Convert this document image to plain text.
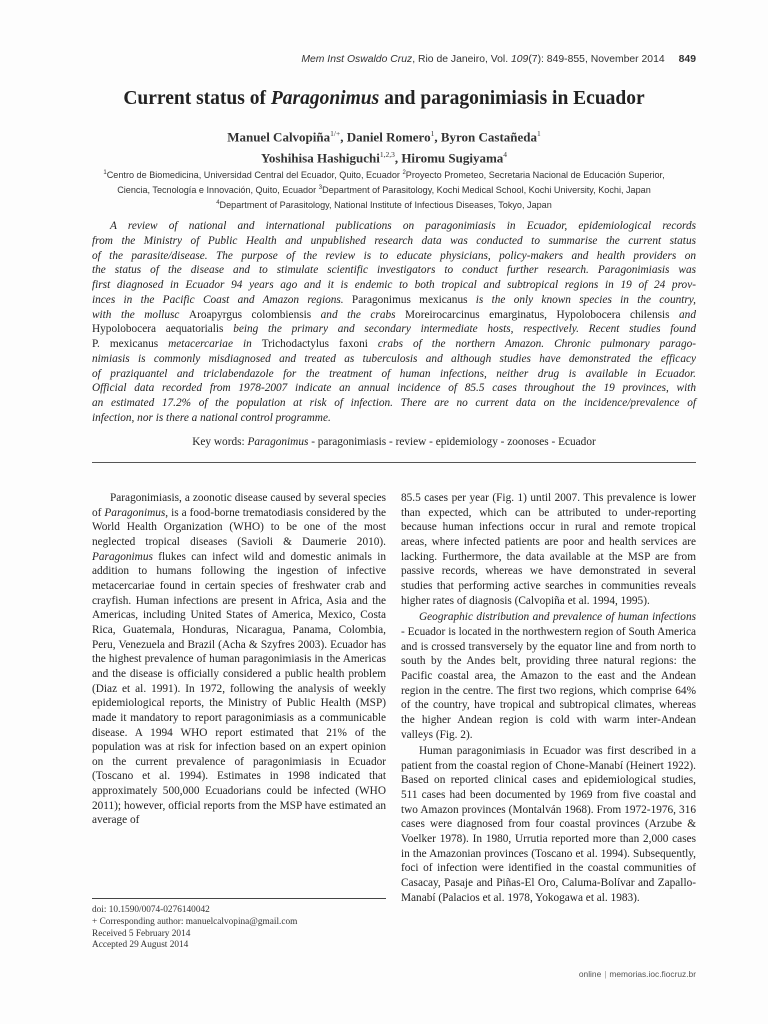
Mem Inst Oswaldo Cruz, Rio de Janeiro, Vol. 109(7): 849-855, November 2014 849
Current status of Paragonimus and paragonimiasis in Ecuador
Manuel Calvopiña$^{1/+}$, Daniel Romero$^1$, Byron Castañeda$^1$
Yoshihisa Hashiguchi$^{1,2,3}$, Hiromu Sugiyama$^4$
$^1$Centro de Biomedicina, Universidad Central del Ecuador, Quito, Ecuador $^2$Proyecto Prometeo, Secretaria Nacional de Educación Superior,
Ciencia, Tecnología e Innovación, Quito, Ecuador $^3$Department of Parasitology, Kochi Medical School, Kochi University, Kochi, Japan
$^4$Department of Parasitology, National Institute of Infectious Diseases, Tokyo, Japan
A review of national and international publications on paragonimiasis in Ecuador, epidemiological records
from the Ministry of Public Health and unpublished research data was conducted to summarise the current status
of the parasite/disease. The purpose of the review is to educate physicians, policy-makers and health providers on
the status of the disease and to stimulate scientific investigators to conduct further research. Paragonimiasis was
first diagnosed in Ecuador 94 years ago and it is endemic to both tropical and subtropical regions in 19 of 24 prov-
inces in the Pacific Coast and Amazon regions. Paragonimus mexicanus is the only known species in the country,
with the mollusc Aroapyrgus colombiensis and the crabs Moreirocarcinus emarginatus, Hypolobocera chilensis and
Hypolobocera aequatorialis being the primary and secondary intermediate hosts, respectively. Recent studies found
P. mexicanus metacercariae in Trichodactylus faxoni crabs of the northern Amazon. Chronic pulmonary parago-
nimiasis is commonly misdiagnosed and treated as tuberculosis and although studies have demonstrated the efficacy
of praziquantel and triclabendazole for the treatment of human infections, neither drug is available in Ecuador.
Official data recorded from 1978-2007 indicate an annual incidence of 85.5 cases throughout the 19 provinces, with
an estimated 17.2% of the population at risk of infection. There are no current data on the incidence/prevalence of
infection, nor is there a national control programme.
Key words: Paragonimus - paragonimiasis - review - epidemiology - zoonoses - Ecuador

Paragonimiasis, a zoonotic disease caused by several species of Paragonimus, is a food-borne trematodiasis considered by the World Health Organization (WHO) to be one of the most neglected tropical diseases (Savioli & Daumerie 2010). Paragonimus flukes can infect wild and domestic animals in addition to humans following the ingestion of infective metacercariae found in certain species of freshwater crab and crayfish. Human infections are present in Africa, Asia and the Americas, including United States of America, Mexico, Costa Rica, Guatemala, Honduras, Nicaragua, Panama, Colombia, Peru, Venezuela and Brazil (Acha & Szyfres 2003). Ecuador has the highest prevalence of human paragonimiasis in the Americas and the disease is officially considered a public health problem (Diaz et al. 1991). In 1972, following the analysis of weekly epidemiological reports, the Ministry of Public Health (MSP) made it mandatory to report paragonimiasis as a communicable disease. A 1994 WHO report estimated that 21% of the population was at risk for infection based on an expert opinion on the current prevalence of paragonimiasis in Ecuador (Toscano et al. 1994). Estimates in 1998 indicated that approximately 500,000 Ecuadorians could be infected (WHO 2011); however, official reports from the MSP have estimated an average of

85.5 cases per year (Fig. 1) until 2007. This prevalence is lower than expected, which can be attributed to under-reporting because human infections occur in rural and remote tropical areas, where infected patients are poor and health services are lacking. Furthermore, the data available at the MSP are from passive records, whereas we have demonstrated in several studies that performing active searches in communities reveals higher rates of diagnosis (Calvopiña et al. 1994, 1995).

Geographic distribution and prevalence of human infections - Ecuador is located in the northwestern region of South America and is crossed transversely by the equator line and from north to south by the Andes belt, providing three natural regions: the Pacific coastal area, the Amazon to the east and the Andean region in the centre. The first two regions, which comprise 64% of the country, have tropical and subtropical climates, whereas the higher Andean region is cold with warm inter-Andean valleys (Fig. 2).

Human paragonimiasis in Ecuador was first described in a patient from the coastal region of Chone-Manabí (Heinert 1922). Based on reported clinical cases and epidemiological studies, 511 cases had been documented by 1969 from five coastal and two Amazon provinces (Montalván 1968). From 1972-1976, 316 cases were diagnosed from four coastal provinces (Arzube & Voelker 1978). In 1980, Urrutia reported more than 2,000 cases in the Amazonian provinces (Toscano et al. 1994). Subsequently, foci of infection were identified in the coastal communities of Casacay, Pasaje and Piñas-El Oro, Caluma-Bolívar and Zapallo-Manabí (Palacios et al. 1978, Yokogawa et al. 1983).

doi: 10.1590/0074-0276140042
+ Corresponding author: manuelcalvopina@gmail.com
Received 5 February 2014
Accepted 29 August 2014
online | memorias.ioc.fiocruz.br
